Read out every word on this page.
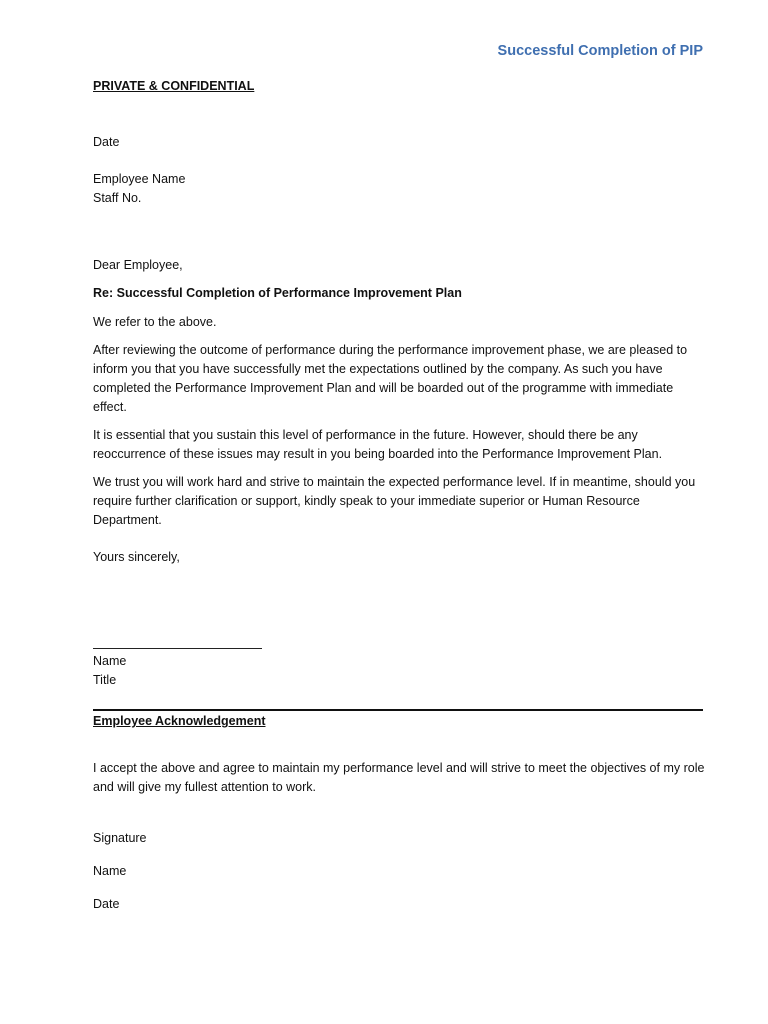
Successful Completion of PIP

PRIVATE & CONFIDENTIAL
Date
Employee Name
Staff No.
Dear Employee,
Re: Successful Completion of Performance Improvement Plan

We refer to the above.

After reviewing the outcome of performance during the performance improvement phase, we are pleased to inform you that you have successfully met the expectations outlined by the company. As such you have completed the Performance Improvement Plan and will be boarded out of the programme with immediate effect.

It is essential that you sustain this level of performance in the future. However, should there be any reoccurrence of these issues may result in you being boarded into the Performance Improvement Plan.

We trust you will work hard and strive to maintain the expected performance level. If in meantime, should you require further clarification or support, kindly speak to your immediate superior or Human Resource Department.

Yours sincerely,
Name
Title
Employee Acknowledgement

I accept the above and agree to maintain my performance level and will strive to meet the objectives of my role and will give my fullest attention to work.

Signature
Name
Date
